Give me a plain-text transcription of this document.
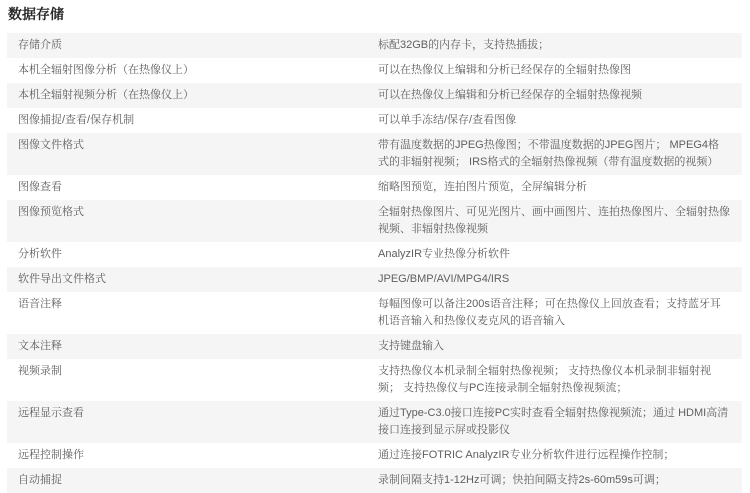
数据存储
存储介质	标配32GB的内存卡，支持热插拔；
本机全辐射图像分析（在热像仪上）	可以在热像仪上编辑和分析已经保存的全辐射热像图
本机全辐射视频分析（在热像仪上）	可以在热像仪上编辑和分析已经保存的全辐射热像视频
图像捕捉/查看/保存机制	可以单手冻结/保存/查看图像
图像文件格式	带有温度数据的JPEG热像图；不带温度数据的JPEG图片； MPEG4格式的非辐射视频； IRS格式的全辐射热像视频（带有温度数据的视频）
图像查看	缩略图预览，连拍图片预览，全屏编辑分析
图像预览格式	全辐射热像图片、可见光图片、画中画图片、连拍热像图片、全辐射热像视频、非辐射热像视频
分析软件	AnalyzIR专业热像分析软件
软件导出文件格式	JPEG/BMP/AVI/MPG4/IRS
语音注释	每幅图像可以备注200s语音注释；可在热像仪上回放查看；支持蓝牙耳机语音输入和热像仪麦克风的语音输入
文本注释	支持键盘输入
视频录制	支持热像仪本机录制全辐射热像视频； 支持热像仪本机录制非辐射视频； 支持热像仪与PC连接录制全辐射热像视频流；
远程显示查看	通过Type-C3.0接口连接PC实时查看全辐射热像视频流；通过 HDMI高清接口连接到显示屏或投影仪
远程控制操作	通过连接FOTRIC AnalyzIR专业分析软件进行远程操作控制；
自动捕捉	录制间隔支持1-12Hz可调；快拍间隔支持2s-60m59s可调；
